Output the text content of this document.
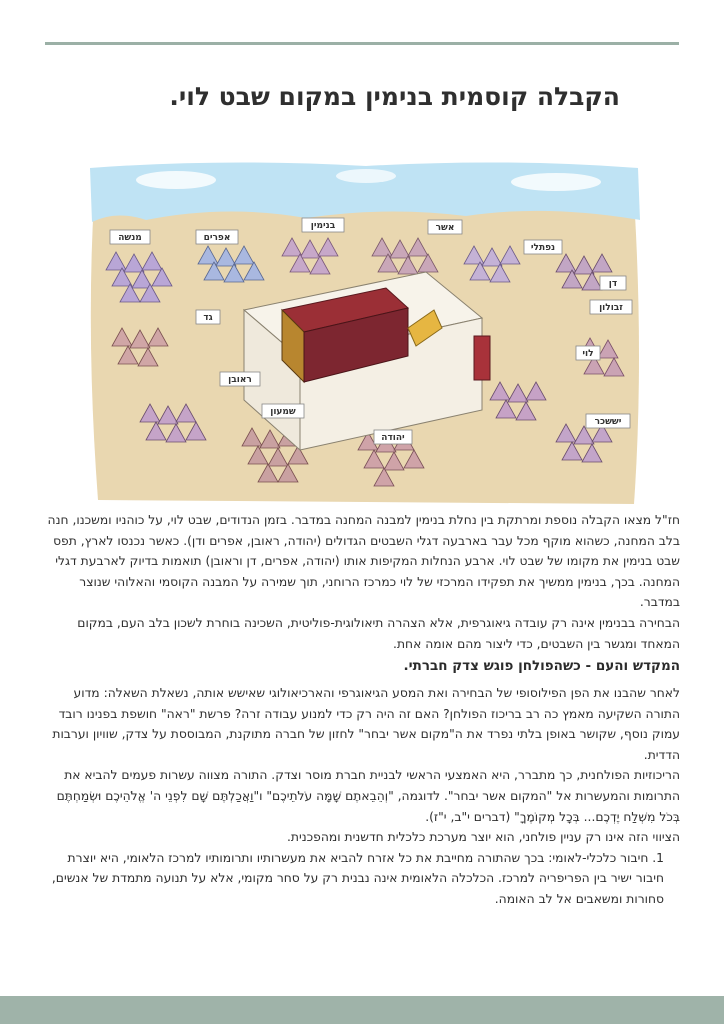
הקבלה קוסמית בנימין במקום שבט לוי.
מנשה	אפרים
בנימין	אשר
נפתלי
דן
גד
ראובן
שמעון
יהודה
זבולון
לוי
יששכר

חז"ל מצאו הקבלה נוספת ומרתקת בין נחלת בנימין למבנה המחנה במדבר. בזמן הנדודים, שבט לוי, על כוהניו ומשכנו, חנה בלב המחנה, כשהוא מוקף מכל עבר בארבעה דגלי השבטים הגדולים (יהודה, ראובן, אפרים ודן). כאשר נכנסו לארץ, תפס שבט בנימין את מקומו של שבט לוי. ארבע הנחלות המקיפות אותו (יהודה, אפרים, דן וראובן) תואמות בדיוק לארבעת דגלי המחנה. בכך, בנימין ממשיך את תפקידו המרכזי של לוי כמרכז הרוחני, תוך שמירה על המבנה הקוסמי והאלוהי שנוצר במדבר.

הבחירה בבנימין אינה רק עובדה גיאוגרפית, אלא הצהרה תיאולוגית-פוליטית, השכינה בוחרת לשכון בלב העם, במקום המאחד ומגשר בין השבטים, כדי ליצור מהם אומה אחת.

המקדש והעם - כשהפולחן פוגש צדק חברתי.

לאחר שהבנו את הפן הפילוסופי של הבחירה ואת המסע הגיאוגרפי והארכיאולוגי שאישש אותה, נשאלת השאלה: מדוע התורה השקיעה מאמץ כה רב בריכוז הפולחן? האם זה היה רק כדי למנוע עבודה זרה? פרשת "ראה" חושפת בפנינו רובד עמוק נוסף, שקושר באופן בלתי נפרד את ה"מקום אשר יבחר" לחזון של חברה מתוקנת, המבוססת על צדק, שוויון וערבות הדדית.

הריכוזיות הפולחנית, כך מתברר, היא האמצעי הראשי לבניית חברת מוסר וצדק. התורה מצווה עשרות פעמים להביא את התרומות והמעשרות אל "המקום אשר יבחר". לדוגמה, "וְהֵבֵאתֶם שָׁמָּה עֹלֹתֵיכֶם" ו"וַאֲכַלְתֶּם שָׁם לִפְנֵי ה' אֱלֹהֵיכֶם וּשְׂמַחְתֶּם בְּכֹל מִשְׁלַח יֶדְכֶם... בְּכָל מְקוֹמֶךָ" (דברים י"ב, י"ז).

הציווי הזה אינו רק עניין פולחני, הוא יוצר מערכת כלכלית חדשנית ומהפכנית.

1. חיבור כלכלי-לאומי: בכך שהתורה מחייבת את כל אזרח להביא את מעשרותיו ותרומותיו למרכז הלאומי, היא יוצרת חיבור ישיר בין הפריפריה למרכז. הכלכלה הלאומית אינה נבנית רק על סחר מקומי, אלא על תנועה מתמדת של אנשים, סחורות ומשאבים אל לב האומה.
